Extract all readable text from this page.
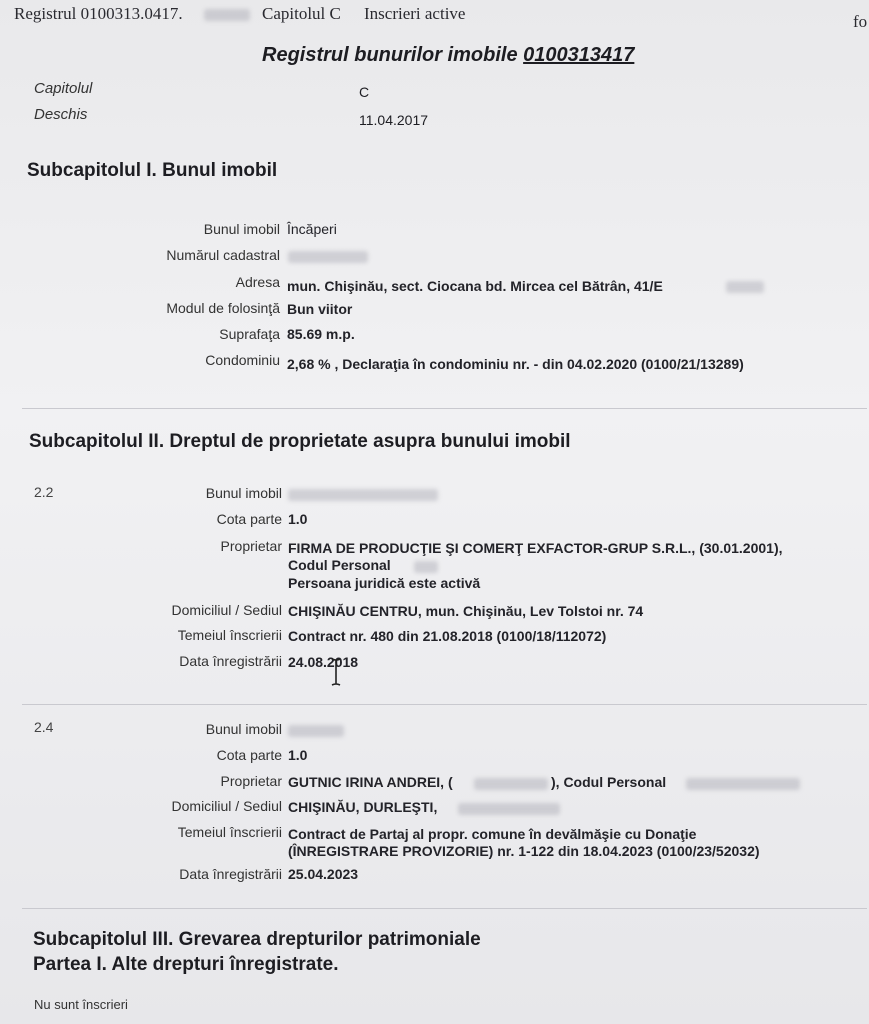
Registrul 0100313.0417.	Capitolul C Inscrieri active	fo
Registrul bunurilor imobile 0100313417
Capitolul	C
Deschis	11.04.2017
Subcapitolul I. Bunul imobil
Bunul imobil Încăperi
Numărul cadastral
Adresa mun. Chişinău, sect. Ciocana bd. Mircea cel Bătrân, 41/E
Modul de folosinţă Bun viitor
Suprafaţa 85.69 m.p.
Condominiu 2,68 % , Declaraţia în condominiu nr. - din 04.02.2020 (0100/21/13289)
Subcapitolul II. Dreptul de proprietate asupra bunului imobil
2.2	Bunul imobil
Cota parte 1.0
Proprietar FIRMA DE PRODUCŢIE ŞI COMERŢ EXFACTOR-GRUP S.R.L., (30.01.2001),
Codul Personal
Persoana juridică este activă
Domiciliul / Sediul CHIŞINĂU CENTRU, mun. Chişinău, Lev Tolstoi nr. 74
Temeiul înscrierii Contract nr. 480 din 21.08.2018 (0100/18/112072)
Data înregistrării 24.08.2018
2.4	Bunul imobil
Cota parte 1.0
Proprietar GUTNIC IRINA ANDREI, (	), Codul Personal
Domiciliul / Sediul CHIŞINĂU, DURLEŞTI,
Temeiul înscrierii Contract de Partaj al propr. comune în devălmăşie cu Donaţie
(ÎNREGISTRARE PROVIZORIE) nr. 1-122 din 18.04.2023 (0100/23/52032)
Data înregistrării 25.04.2023
Subcapitolul III. Grevarea drepturilor patrimoniale
Partea I. Alte drepturi înregistrate.
Nu sunt înscrieri
